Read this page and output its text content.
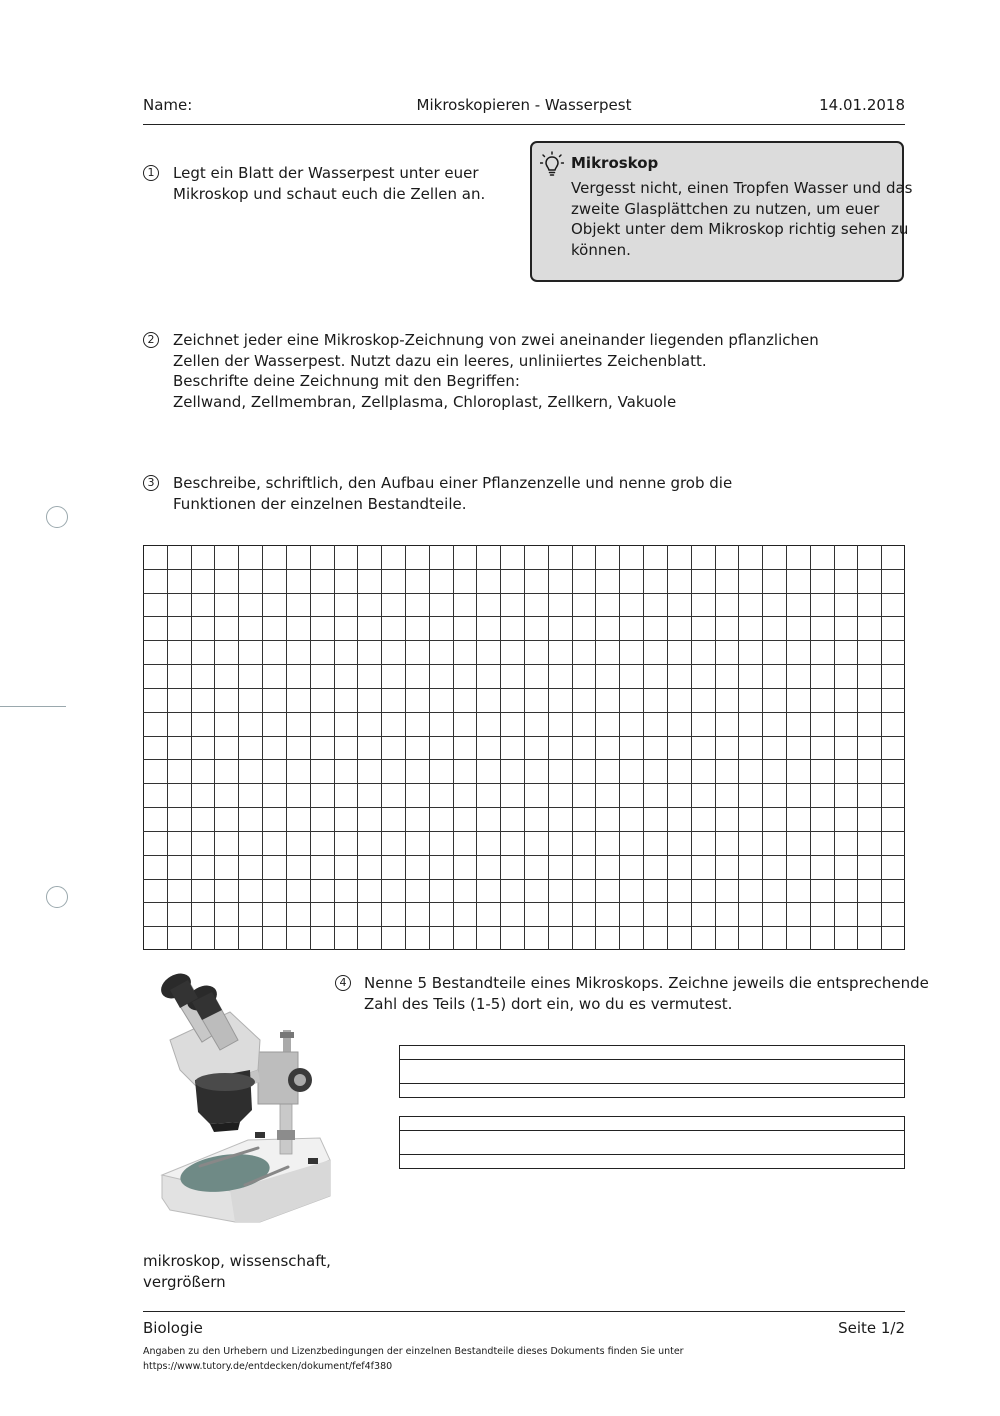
Name:	Mikroskopieren - Wasserpest	14.01.2018
1	Legt ein Blatt der Wasserpest unter euer
Mikroskop und schaut euch die Zellen an.
Mikroskop
Vergesst nicht, einen Tropfen Wasser und das
zweite Glasplättchen zu nutzen, um euer
Objekt unter dem Mikroskop richtig sehen zu
können.
2	Zeichnet jeder eine Mikroskop-Zeichnung von zwei aneinander liegenden pflanzlichen
Zellen der Wasserpest. Nutzt dazu ein leeres, unliniiertes Zeichenblatt.
Beschrifte deine Zeichnung mit den Begriffen:
Zellwand, Zellmembran, Zellplasma, Chloroplast, Zellkern, Vakuole
3	Beschreibe, schriftlich, den Aufbau einer Pflanzenzelle und nenne grob die
Funktionen der einzelnen Bestandteile.
mikroskop, wissenschaft,
vergrößern
4	Nenne 5 Bestandteile eines Mikroskops. Zeichne jeweils die entsprechende
Zahl des Teils (1-5) dort ein, wo du es vermutest.
Biologie	Seite 1/2
Angaben zu den Urhebern und Lizenzbedingungen der einzelnen Bestandteile dieses Dokuments finden Sie unter
https://www.tutory.de/entdecken/dokument/fef4f380
